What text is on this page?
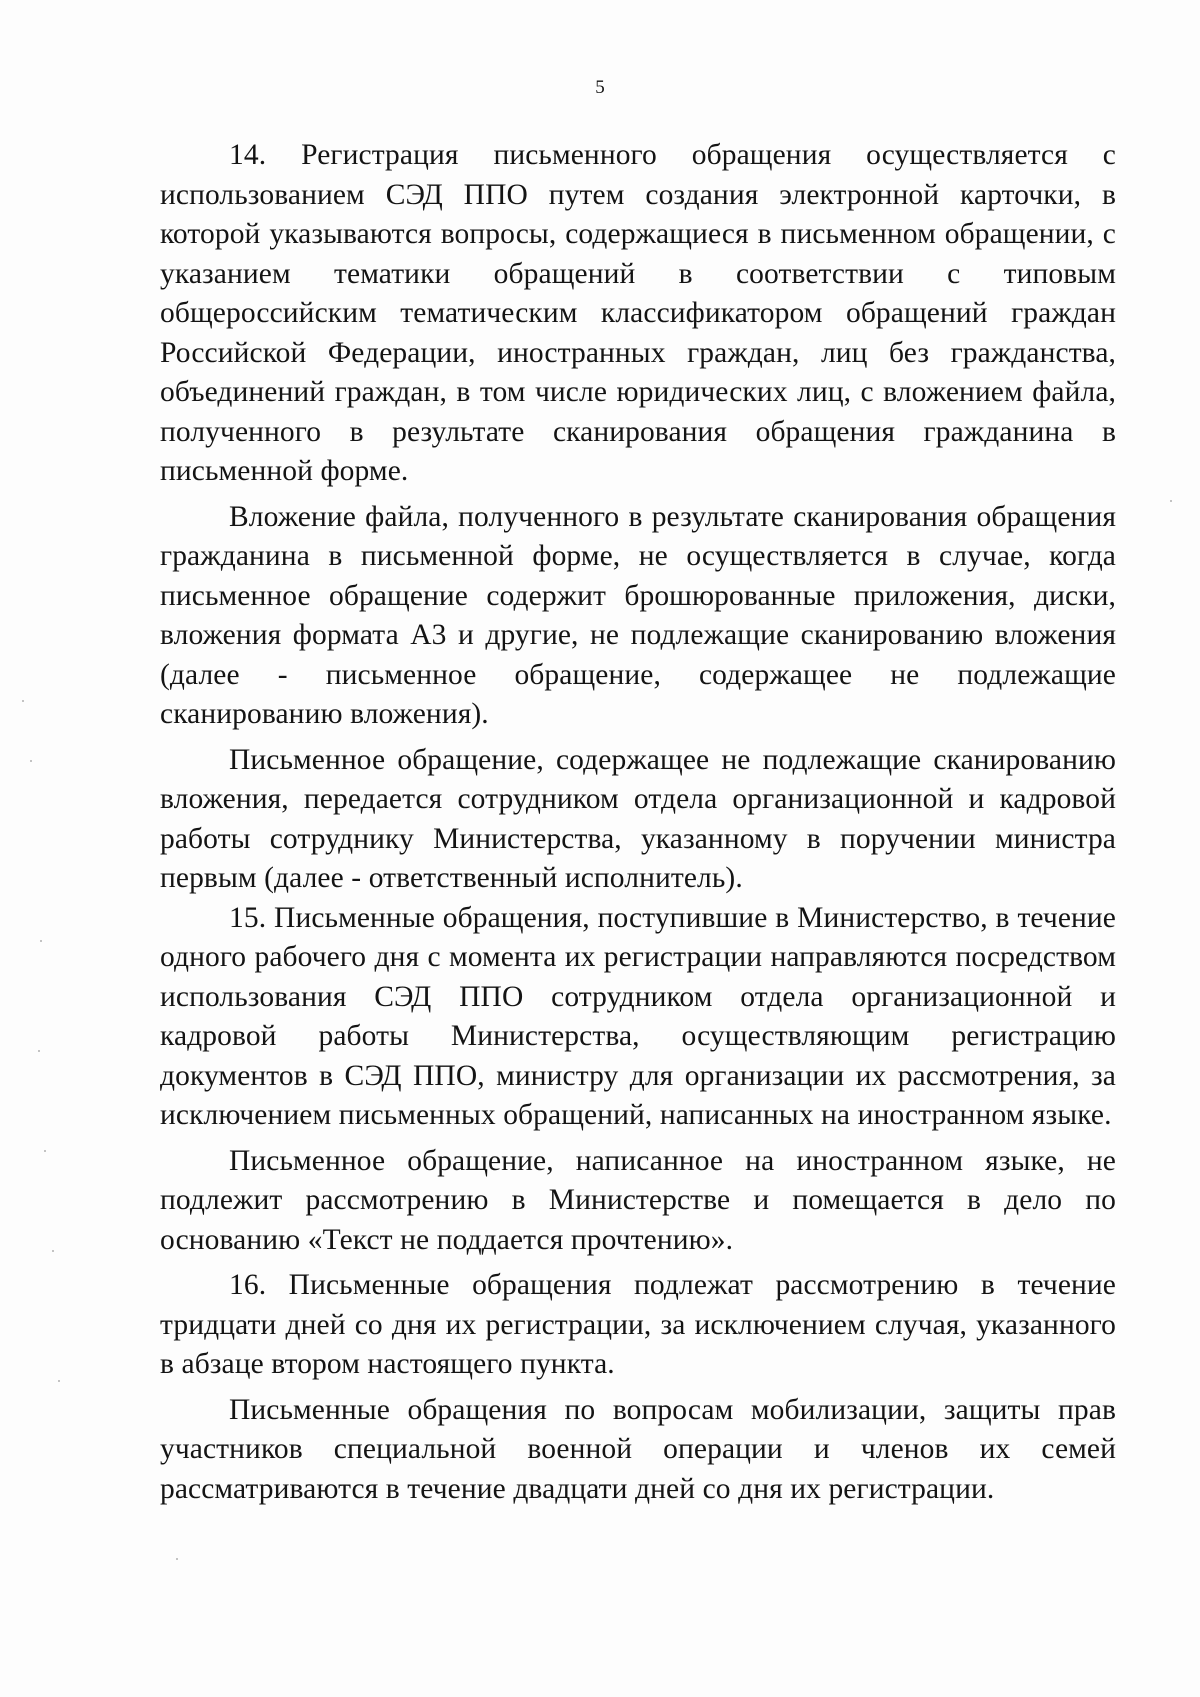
5

14. Регистрация письменного обращения осуществляется с использованием СЭД ППО путем создания электронной карточки, в которой указываются вопросы, содержащиеся в письменном обращении, с указанием тематики обращений в соответствии с типовым общероссийским тематическим классификатором обращений граждан Российской Федерации, иностранных граждан, лиц без гражданства, объединений граждан, в том числе юридических лиц, с вложением файла, полученного в результате сканирования обращения гражданина в письменной форме.

Вложение файла, полученного в результате сканирования обращения гражданина в письменной форме, не осуществляется в случае, когда письменное обращение содержит брошюрованные приложения, диски, вложения формата А3 и другие, не подлежащие сканированию вложения (далее - письменное обращение, содержащее не подлежащие сканированию вложения).

Письменное обращение, содержащее не подлежащие сканированию вложения, передается сотрудником отдела организационной и кадровой работы сотруднику Министерства, указанному в поручении министра первым (далее - ответственный исполнитель).

15. Письменные обращения, поступившие в Министерство, в течение одного рабочего дня с момента их регистрации направляются посредством использования СЭД ППО сотрудником отдела организационной и кадровой работы Министерства, осуществляющим регистрацию документов в СЭД ППО, министру для организации их рассмотрения, за исключением письменных обращений, написанных на иностранном языке.

Письменное обращение, написанное на иностранном языке, не подлежит рассмотрению в Министерстве и помещается в дело по основанию «Текст не поддается прочтению».

16. Письменные обращения подлежат рассмотрению в течение тридцати дней со дня их регистрации, за исключением случая, указанного в абзаце втором настоящего пункта.

Письменные обращения по вопросам мобилизации, защиты прав участников специальной военной операции и членов их семей рассматриваются в течение двадцати дней со дня их регистрации.
